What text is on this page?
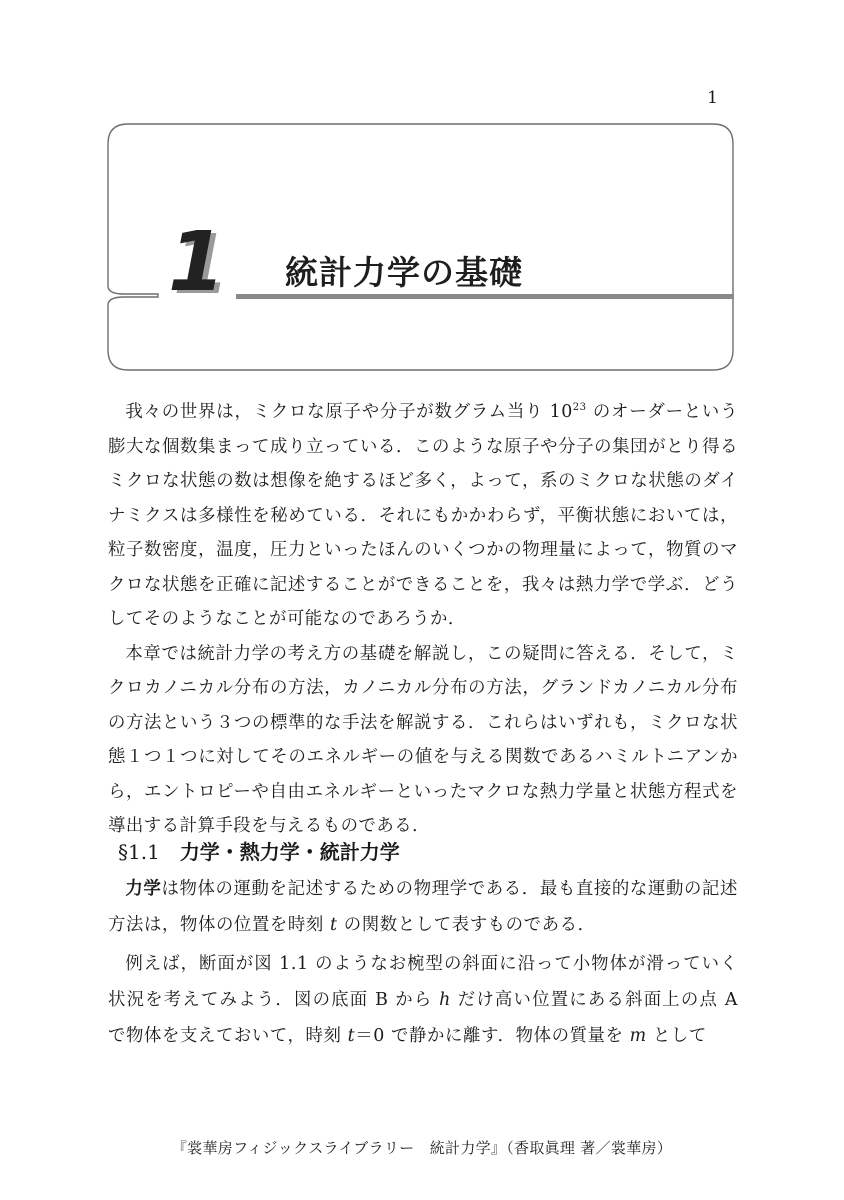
1
1 統計力学の基礎

我々の世界は，ミクロな原子や分子が数グラム当り $10^{23}$ のオーダーという膨大な個数集まって成り立っている．このような原子や分子の集団がとり得るミクロな状態の数は想像を絶するほど多く，よって，系のミクロな状態のダイナミクスは多様性を秘めている．それにもかかわらず，平衡状態においては，粒子数密度，温度，圧力といったほんのいくつかの物理量によって，物質のマクロな状態を正確に記述することができることを，我々は熱力学で学ぶ．どうしてそのようなことが可能なのであろうか．

本章では統計力学の考え方の基礎を解説し，この疑問に答える．そして，ミクロカノニカル分布の方法，カノニカル分布の方法，グランドカノニカル分布の方法という３つの標準的な手法を解説する．これらはいずれも，ミクロな状態１つ１つに対してそのエネルギーの値を与える関数であるハミルトニアンから，エントロピーや自由エネルギーといったマクロな熱力学量と状態方程式を導出する計算手段を与えるものである．

§1.1 力学・熱力学・統計力学

力学は物体の運動を記述するための物理学である．最も直接的な運動の記述方法は，物体の位置を時刻 t の関数として表すものである．

例えば，断面が図 1.1 のようなお椀型の斜面に沿って小物体が滑っていく状況を考えてみよう．図の底面 B から h だけ高い位置にある斜面上の点 A で物体を支えておいて，時刻 t＝0 で静かに離す．物体の質量を m として

『裳華房フィジックスライブラリー　統計力学』（香取眞理 著／裳華房）
